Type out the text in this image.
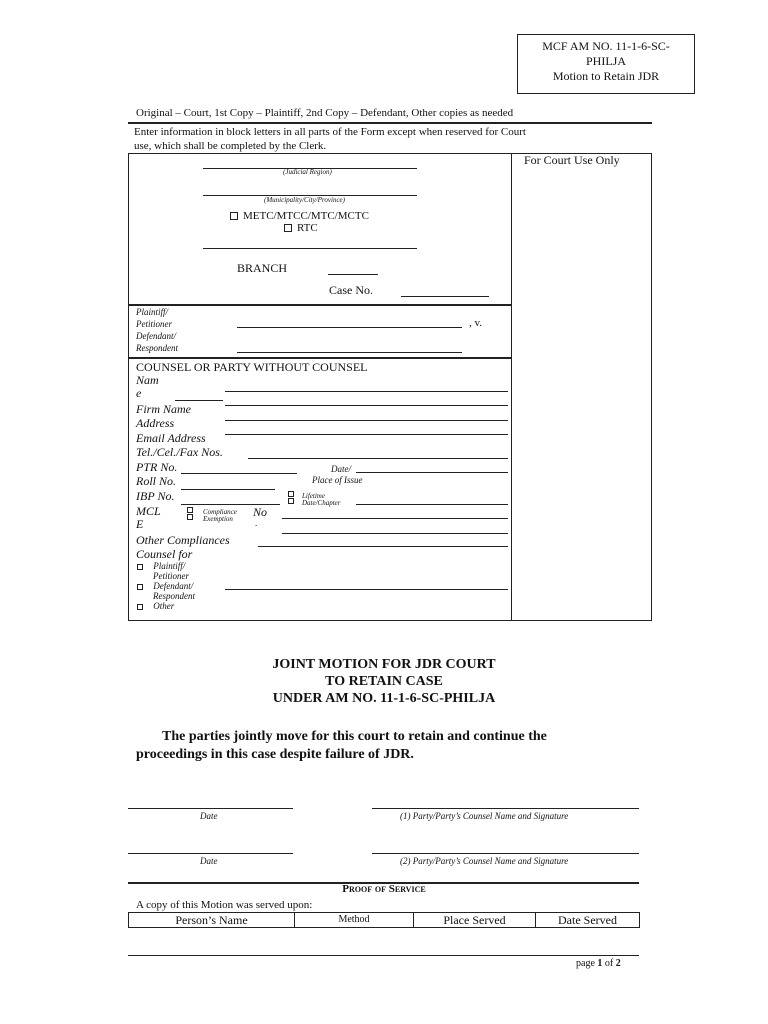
MCF AM NO. 11-1-6-SC-
PHILJA
Motion to Retain JDR
Original – Court, 1st Copy – Plaintiff, 2nd Copy – Defendant, Other copies as needed
Enter information in block letters in all parts of the Form except when reserved for Court
use, which shall be completed by the Clerk.
For Court Use Only
(Judicial Region)
(Municipality/City/Province)
METC/MTCC/MTC/MCTC
RTC
BRANCH
Case No.
Plaintiff/
Petitioner
Defendant/
Respondent
, v.
COUNSEL OR PARTY WITHOUT COUNSEL
Nam
e
Firm Name
Address
Email Address
Tel./Cel./Fax Nos.
PTR No.	Date/
Roll No.	Place of Issue
IBP No.	Lifetime
Date/Chapter
MCL
E
Compliance
Exemption No
.
Other Compliances
Counsel for
Plaintiff/
Petitioner
Defendant/
Respondent
Other
JOINT MOTION FOR JDR COURT
TO RETAIN CASE
UNDER AM NO. 11-1-6-SC-PHILJA
The parties jointly move for this court to retain and continue the
proceedings in this case despite failure of JDR.
Date	(1) Party/Party’s Counsel Name and Signature
Date	(2) Party/Party’s Counsel Name and Signature
Proof of Service
A copy of this Motion was served upon:
Person’s Name	Method	Place Served	Date Served
page 1 of 2
